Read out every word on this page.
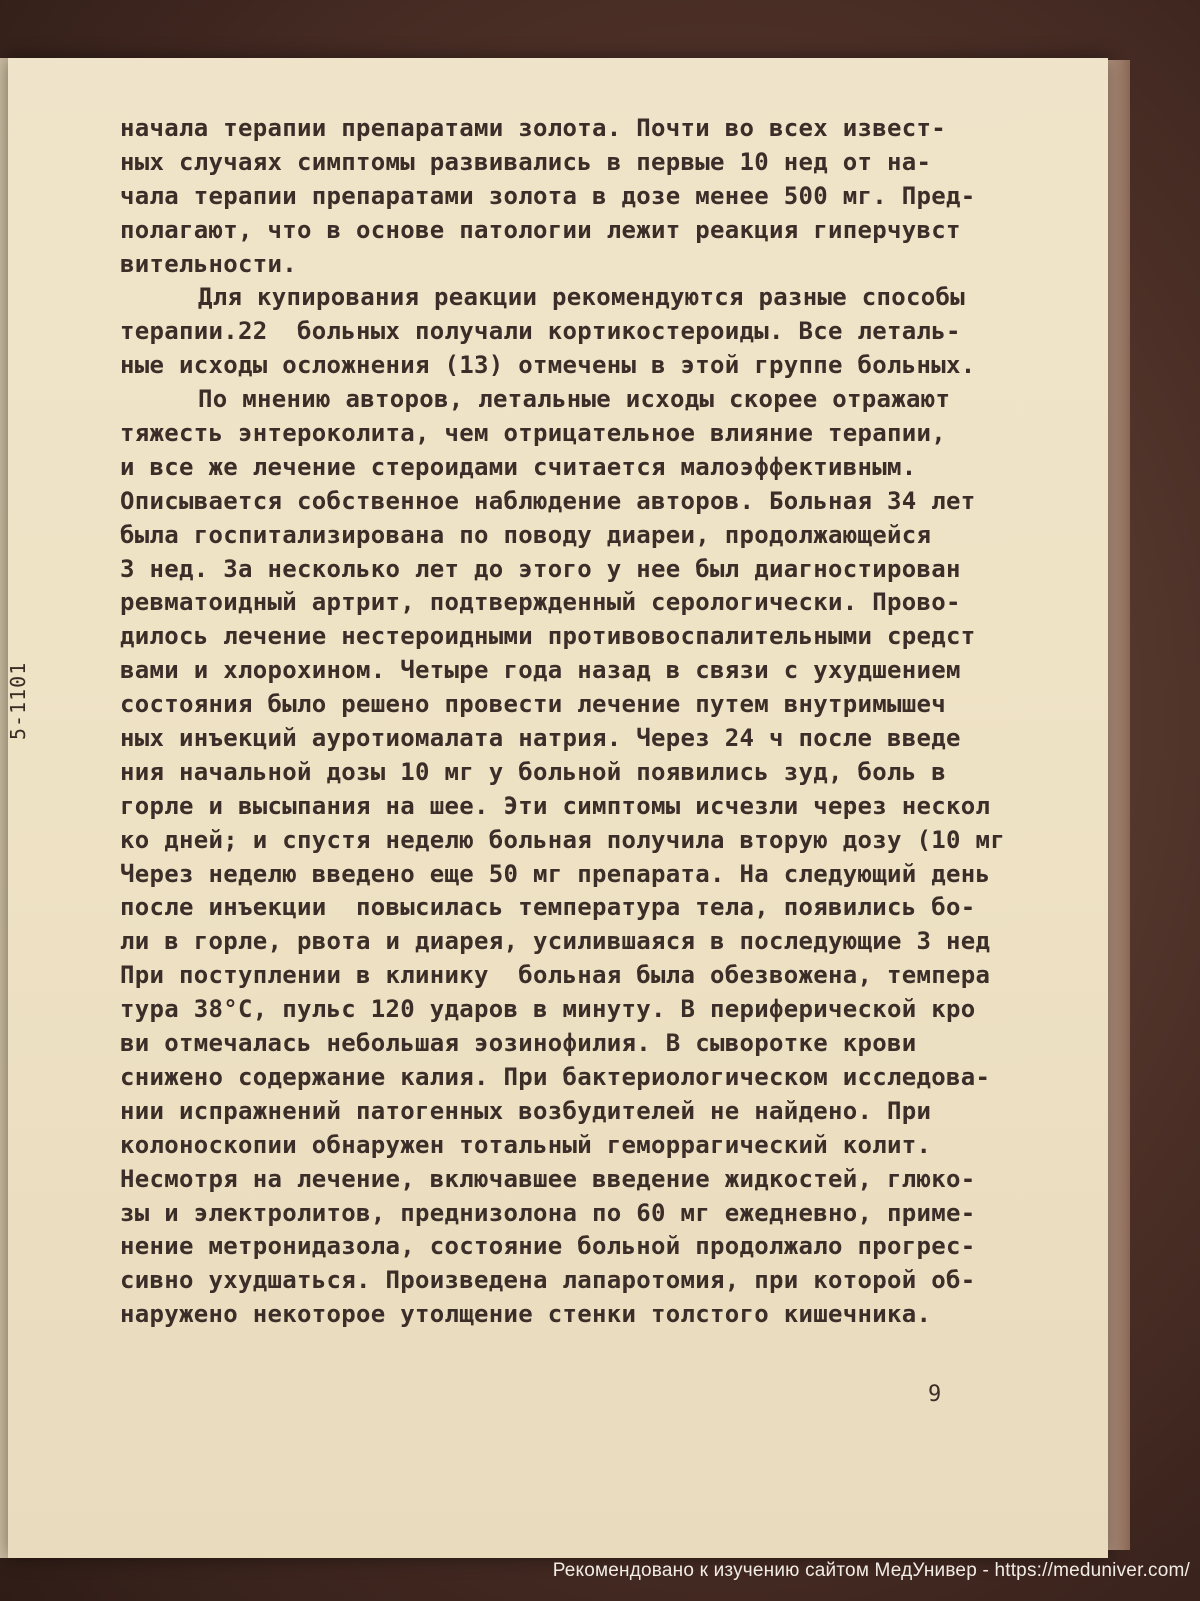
5-1101
начала терапии препаратами золота. Почти во всех извест-
ных случаях симптомы развивались в первые 10 нед от на-
чала терапии препаратами золота в дозе менее 500 мг. Пред-
полагают, что в основе патологии лежит реакция гиперчувст
вительности.
Для купирования реакции рекомендуются разные способы
терапии.22  больных получали кортикостероиды. Все леталь-
ные исходы осложнения (13) отмечены в этой группе больных.
По мнению авторов, летальные исходы скорее отражают
тяжесть энтероколита, чем отрицательное влияние терапии,
и все же лечение стероидами считается малоэффективным.
Описывается собственное наблюдение авторов. Больная 34 лет
была госпитализирована по поводу диареи, продолжающейся
3 нед. За несколько лет до этого у нее был диагностирован
ревматоидный артрит, подтвержденный серологически. Прово-
дилось лечение нестероидными противовоспалительными средст
вами и хлорохином. Четыре года назад в связи с ухудшением
состояния было решено провести лечение путем внутримышеч
ных инъекций ауротиомалата натрия. Через 24 ч после введе
ния начальной дозы 10 мг у больной появились зуд, боль в
горле и высыпания на шее. Эти симптомы исчезли через нескол
ко дней; и спустя неделю больная получила вторую дозу (10 мг
Через неделю введено еще 50 мг препарата. На следующий день
после инъекции  повысилась температура тела, появились бо-
ли в горле, рвота и диарея, усилившаяся в последующие 3 нед
При поступлении в клинику  больная была обезвожена, темпера
тура 38°С, пульс 120 ударов в минуту. В периферической кро
ви отмечалась небольшая эозинофилия. В сыворотке крови
снижено содержание калия. При бактериологическом исследова-
нии испражнений патогенных возбудителей не найдено. При
колоноскопии обнаружен тотальный геморрагический колит.
Несмотря на лечение, включавшее введение жидкостей, глюко-
зы и электролитов, преднизолона по 60 мг ежедневно, приме-
нение метронидазола, состояние больной продолжало прогрес-
сивно ухудшаться. Произведена лапаротомия, при которой об-
наружено некоторое утолщение стенки толстого кишечника.
9
Рекомендовано к изучению сайтом МедУнивер - https://meduniver.com/
